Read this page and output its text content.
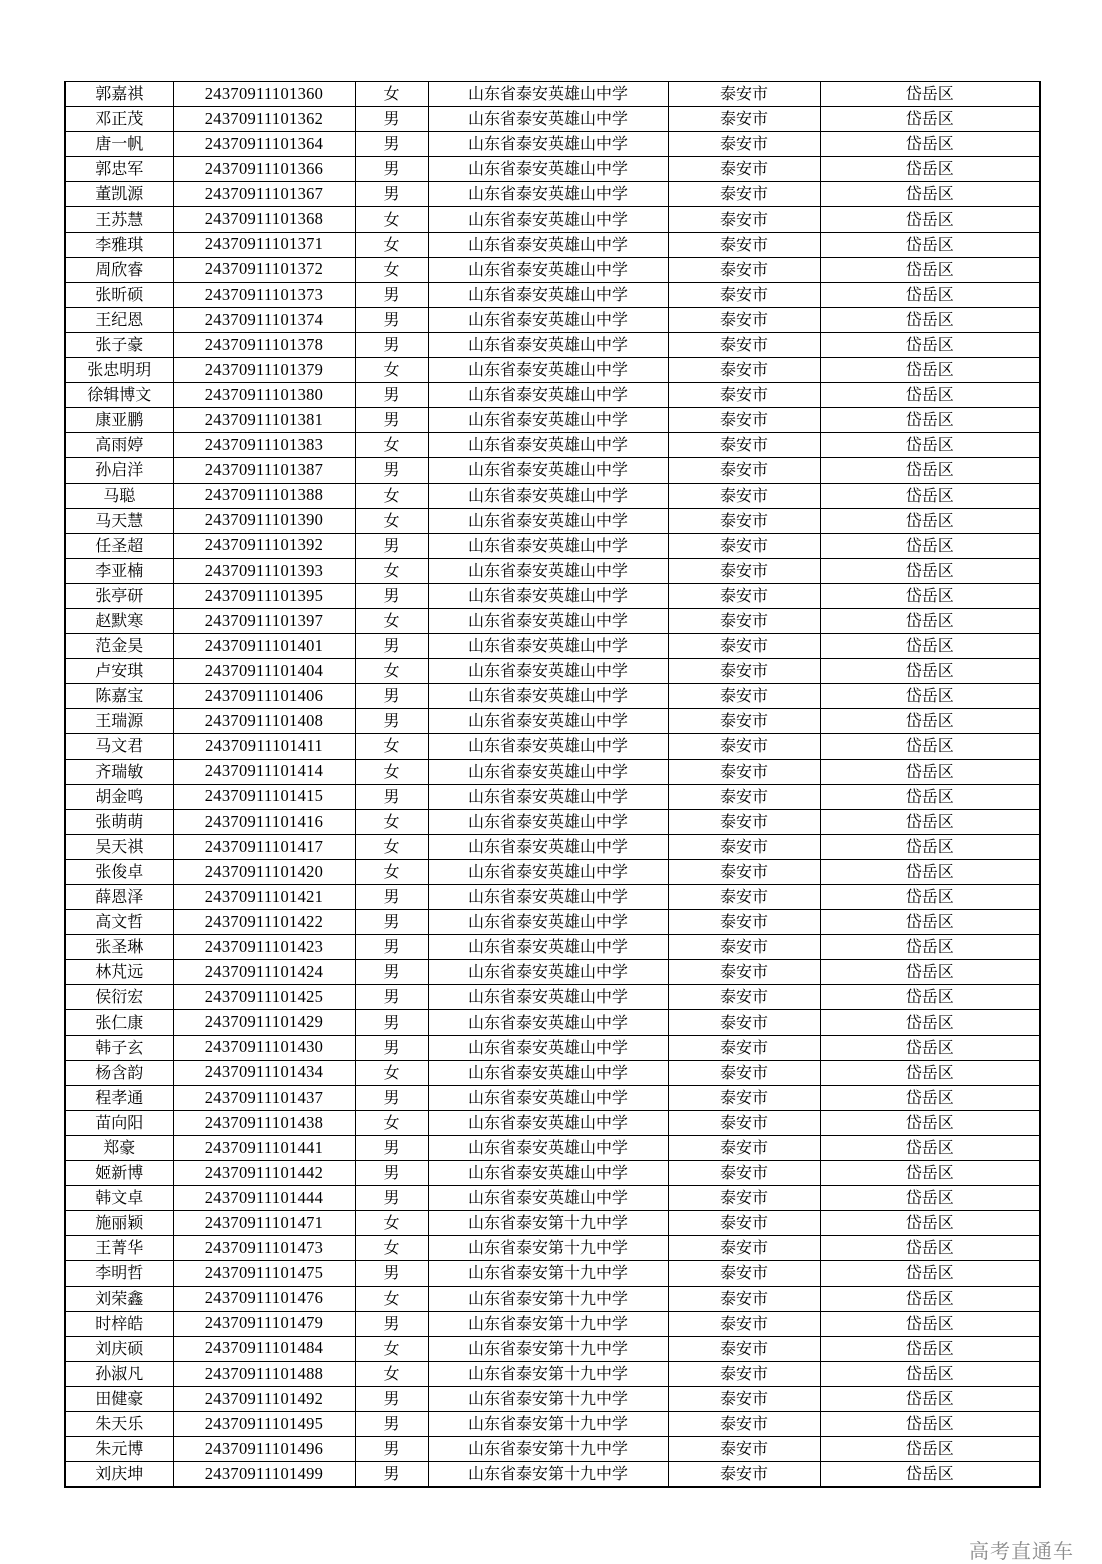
郭嘉祺	24370911101360	女	山东省泰安英雄山中学	泰安市	岱岳区
邓正茂	24370911101362	男	山东省泰安英雄山中学	泰安市	岱岳区
唐一帆	24370911101364	男	山东省泰安英雄山中学	泰安市	岱岳区
郭忠军	24370911101366	男	山东省泰安英雄山中学	泰安市	岱岳区
董凯源	24370911101367	男	山东省泰安英雄山中学	泰安市	岱岳区
王苏慧	24370911101368	女	山东省泰安英雄山中学	泰安市	岱岳区
李雅琪	24370911101371	女	山东省泰安英雄山中学	泰安市	岱岳区
周欣睿	24370911101372	女	山东省泰安英雄山中学	泰安市	岱岳区
张昕硕	24370911101373	男	山东省泰安英雄山中学	泰安市	岱岳区
王纪恩	24370911101374	男	山东省泰安英雄山中学	泰安市	岱岳区
张子豪	24370911101378	男	山东省泰安英雄山中学	泰安市	岱岳区
张忠明玥	24370911101379	女	山东省泰安英雄山中学	泰安市	岱岳区
徐辑博文	24370911101380	男	山东省泰安英雄山中学	泰安市	岱岳区
康亚鹏	24370911101381	男	山东省泰安英雄山中学	泰安市	岱岳区
高雨婷	24370911101383	女	山东省泰安英雄山中学	泰安市	岱岳区
孙启洋	24370911101387	男	山东省泰安英雄山中学	泰安市	岱岳区
马聪	24370911101388	女	山东省泰安英雄山中学	泰安市	岱岳区
马天慧	24370911101390	女	山东省泰安英雄山中学	泰安市	岱岳区
任圣超	24370911101392	男	山东省泰安英雄山中学	泰安市	岱岳区
李亚楠	24370911101393	女	山东省泰安英雄山中学	泰安市	岱岳区
张亭研	24370911101395	男	山东省泰安英雄山中学	泰安市	岱岳区
赵默寒	24370911101397	女	山东省泰安英雄山中学	泰安市	岱岳区
范金昊	24370911101401	男	山东省泰安英雄山中学	泰安市	岱岳区
卢安琪	24370911101404	女	山东省泰安英雄山中学	泰安市	岱岳区
陈嘉宝	24370911101406	男	山东省泰安英雄山中学	泰安市	岱岳区
王瑞源	24370911101408	男	山东省泰安英雄山中学	泰安市	岱岳区
马文君	24370911101411	女	山东省泰安英雄山中学	泰安市	岱岳区
齐瑞敏	24370911101414	女	山东省泰安英雄山中学	泰安市	岱岳区
胡金鸣	24370911101415	男	山东省泰安英雄山中学	泰安市	岱岳区
张萌萌	24370911101416	女	山东省泰安英雄山中学	泰安市	岱岳区
吴天祺	24370911101417	女	山东省泰安英雄山中学	泰安市	岱岳区
张俊卓	24370911101420	女	山东省泰安英雄山中学	泰安市	岱岳区
薛恩泽	24370911101421	男	山东省泰安英雄山中学	泰安市	岱岳区
高文哲	24370911101422	男	山东省泰安英雄山中学	泰安市	岱岳区
张圣琳	24370911101423	男	山东省泰安英雄山中学	泰安市	岱岳区
林芃远	24370911101424	男	山东省泰安英雄山中学	泰安市	岱岳区
侯衍宏	24370911101425	男	山东省泰安英雄山中学	泰安市	岱岳区
张仁康	24370911101429	男	山东省泰安英雄山中学	泰安市	岱岳区
韩子玄	24370911101430	男	山东省泰安英雄山中学	泰安市	岱岳区
杨含韵	24370911101434	女	山东省泰安英雄山中学	泰安市	岱岳区
程孝通	24370911101437	男	山东省泰安英雄山中学	泰安市	岱岳区
苗向阳	24370911101438	女	山东省泰安英雄山中学	泰安市	岱岳区
郑豪	24370911101441	男	山东省泰安英雄山中学	泰安市	岱岳区
姬新博	24370911101442	男	山东省泰安英雄山中学	泰安市	岱岳区
韩文卓	24370911101444	男	山东省泰安英雄山中学	泰安市	岱岳区
施丽颖	24370911101471	女	山东省泰安第十九中学	泰安市	岱岳区
王菁华	24370911101473	女	山东省泰安第十九中学	泰安市	岱岳区
李明哲	24370911101475	男	山东省泰安第十九中学	泰安市	岱岳区
刘荣鑫	24370911101476	女	山东省泰安第十九中学	泰安市	岱岳区
时梓皓	24370911101479	男	山东省泰安第十九中学	泰安市	岱岳区
刘庆硕	24370911101484	女	山东省泰安第十九中学	泰安市	岱岳区
孙淑凡	24370911101488	女	山东省泰安第十九中学	泰安市	岱岳区
田健豪	24370911101492	男	山东省泰安第十九中学	泰安市	岱岳区
朱天乐	24370911101495	男	山东省泰安第十九中学	泰安市	岱岳区
朱元博	24370911101496	男	山东省泰安第十九中学	泰安市	岱岳区
刘庆坤	24370911101499	男	山东省泰安第十九中学	泰安市	岱岳区
高考直通车
